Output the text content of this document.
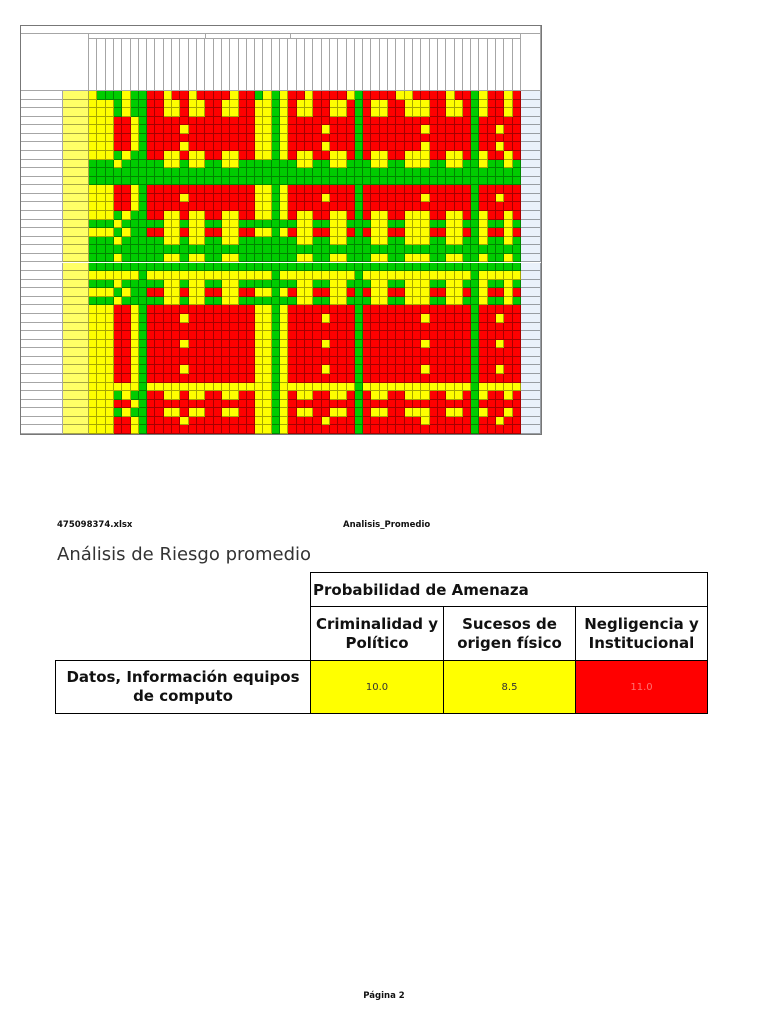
475098374.xlsx	Analisis_Promedio
Análisis de Riesgo promedio
	Probabilidad de Amenaza		
	Criminalidad y Político	Sucesos de origen físico	Negligencia y Institucional
Datos, Información equipos de computo	10.0	8.5	11.0
Página 2
